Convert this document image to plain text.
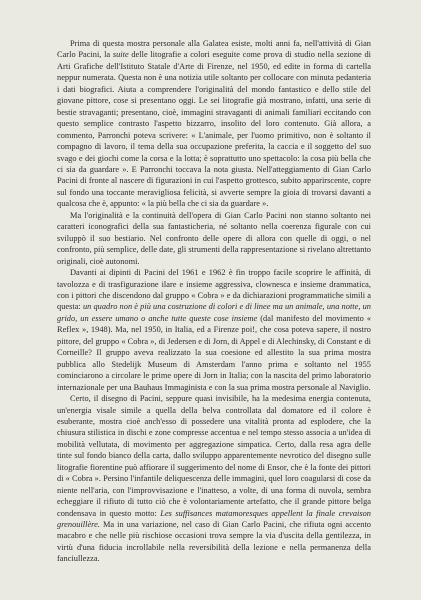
Prima di questa mostra personale alla Galatea esiste, molti anni fa, nell'attività di Gian Carlo Pacini, la suite delle litografie a colori eseguite come prova di studio nella sezione di Arti Grafiche dell'Istituto Statale d'Arte di Firenze, nel 1950, ed edite in forma di cartella neppur numerata. Questa non è una notizia utile soltanto per collocare con minuta pedanteria i dati biografici. Aiuta a comprendere l'originalità del mondo fantastico e dello stile del giovane pittore, cose si presentano oggi. Le sei litografie già mostrano, infatti, una serie di bestie stravaganti; presentano, cioè, immagini stravaganti di animali familiari eccitando con questo semplice contrasto l'aspetto bizzarro, insolito del loro contenuto. Già allora, a commento, Parronchi poteva scrivere: « L'animale, per l'uomo primitivo, non è soltanto il compagno di lavoro, il tema della sua occupazione preferita, la caccia e il soggetto del suo svago e dei giochi come la corsa e la lotta; è soprattutto uno spettacolo: la cosa più bella che ci sia da guardare ». E Parronchi toccava la nota giusta. Nell'atteggiamento di Gian Carlo Pacini di fronte al nascere di figurazioni in cui l'aspetto grottesco, subito apparirscente, copre sul fondo una toccante meravigliosa felicità, si avverte sempre la gioia di trovarsi davanti a qualcosa che è, appunto: « la più bella che ci sia da guardare ».

Ma l'originalità e la continuità dell'opera di Gian Carlo Pacini non stanno soltanto nei caratteri iconografici della sua fantasticheria, né soltanto nella coerenza figurale con cui sviluppò il suo bestiario. Nel confronto delle opere di allora con quelle di oggi, o nel confronto, più semplice, delle date, gli strumenti della rappresentazione si rivelano altrettanto originali, cioè autonomi.

Davanti ai dipinti di Pacini del 1961 e 1962 è fin troppo facile scoprire le affinità, di tavolozza e di trasfigurazione ilare e insieme aggressiva, clownesca e insieme drammatica, con i pittori che discendono dal gruppo « Cobra » e da dichiarazioni programmatiche simili a questa: un quadro non è più una costruzione di colori e di linee ma un animale, una notte, un grido, un essere umano o anche tutte queste cose insieme (dal manifesto del movimento « Reflex », 1948). Ma, nel 1950, in Italia, ed a Firenze poi!, che cosa poteva sapere, il nostro pittore, del gruppo « Cobra », di Jedersen e di Jorn, di Appel e di Alechinsky, di Constant e di Corneille? Il gruppo aveva realizzato la sua coesione ed allestito la sua prima mostra pubblica allo Stedelijk Museum di Amsterdam l'anno prima e soltanto nel 1955 cominciarono a circolare le prime opere di Jorn in Italia; con la nascita del primo laboratorio internazionale per una Bauhaus Immaginista e con la sua prima mostra personale al Naviglio.

Certo, il disegno di Pacini, seppure quasi invisibile, ha la medesima energia contenuta, un'energia visale simile a quella della belva controllata dal domatore ed il colore è esuberante, mostra cioè anch'esso di possedere una vitalità pronta ad esplodere, che la chiusura stilistica in dischi e zone compresse accentua e nel tempo stesso associa a un'idea di mobilità vellutata, di movimento per aggregazione simpatica. Certo, dalla resa agra delle tinte sul fondo bianco della carta, dallo sviluppo apparentemente nevrotico del disegno sulle litografie fiorentine può affiorare il suggerimento del nome di Ensor, che è la fonte dei pittori di « Cobra ». Persino l'infantile deliquescenza delle immagini, quel loro coagularsi di cose da niente nell'aria, con l'improvvisazione e l'inatteso, a volte, di una forma di nuvola, sembra echeggiare il rifiuto di tutto ciò che è volontariamente artefatto, che il grande pittore belga condensava in questo motto: Les suffisances matamoresques appellent la finale crevaison grenouillère. Ma in una variazione, nel caso di Gian Carlo Pacini, che rifiuta ogni accento macabro e che nelle più rischiose occasioni trova sempre la via d'uscita della gentilezza, in virtù d'una fiducia incrollabile nella reversibilità della lezione e nella permanenza della fanciullezza.
